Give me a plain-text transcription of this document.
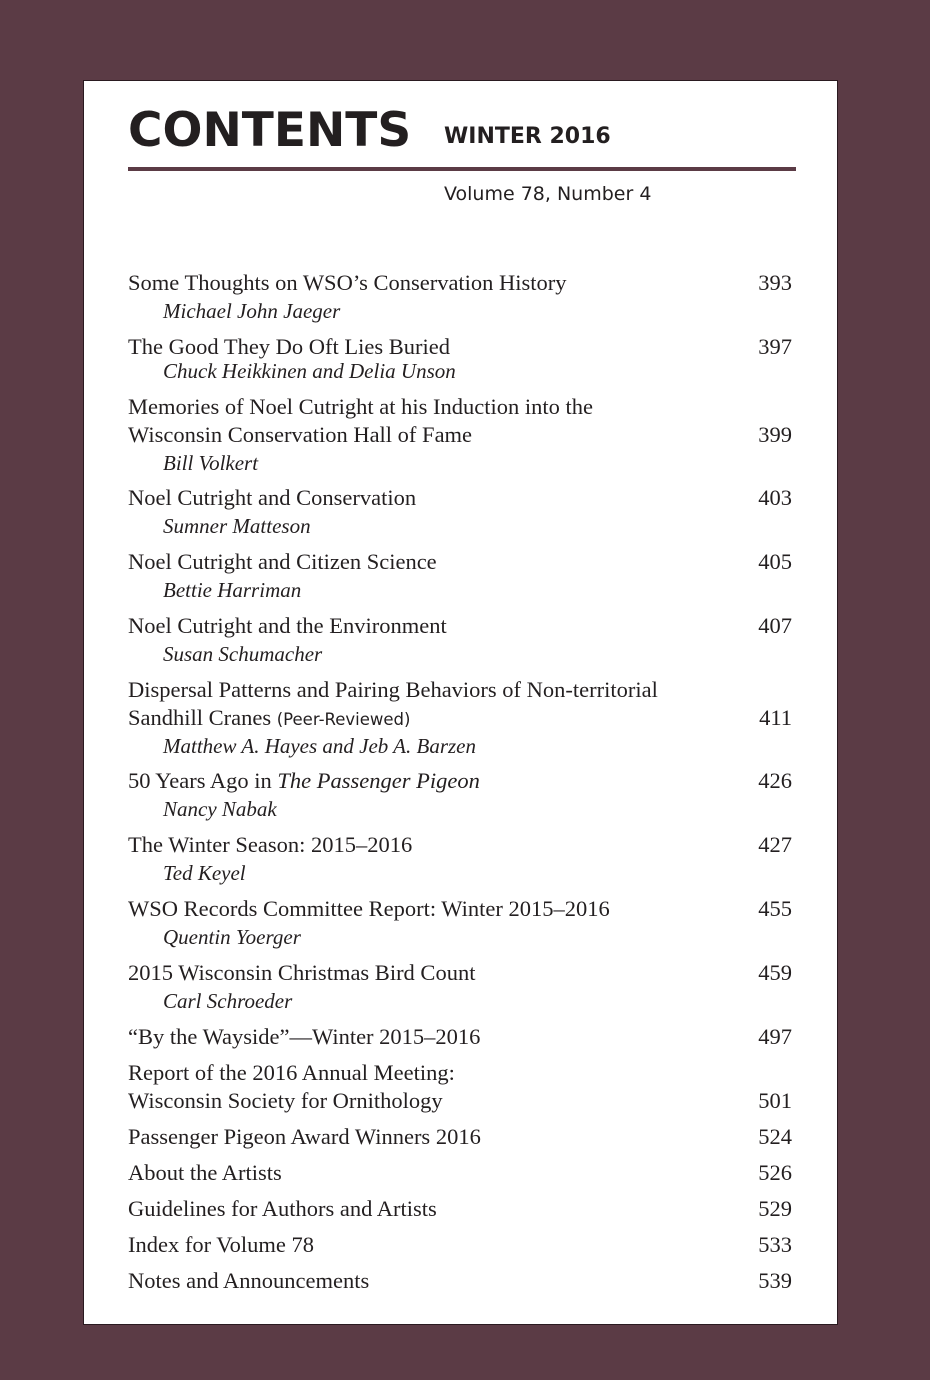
CONTENTS WINTER 2016
Volume 78, Number 4
Some Thoughts on WSO’s Conservation History	393
Michael John Jaeger
The Good They Do Oft Lies Buried	397
Chuck Heikkinen and Delia Unson
Memories of Noel Cutright at his Induction into the
Wisconsin Conservation Hall of Fame	399
Bill Volkert
Noel Cutright and Conservation	403
Sumner Matteson
Noel Cutright and Citizen Science	405
Bettie Harriman
Noel Cutright and the Environment	407
Susan Schumacher
Dispersal Patterns and Pairing Behaviors of Non-territorial
Sandhill Cranes (Peer-Reviewed)	411
Matthew A. Hayes and Jeb A. Barzen
50 Years Ago in The Passenger Pigeon	426
Nancy Nabak
The Winter Season: 2015–2016	427
Ted Keyel
WSO Records Committee Report: Winter 2015–2016	455
Quentin Yoerger
2015 Wisconsin Christmas Bird Count	459
Carl Schroeder
“By the Wayside”—Winter 2015–2016	497
Report of the 2016 Annual Meeting:
Wisconsin Society for Ornithology	501
Passenger Pigeon Award Winners 2016	524
About the Artists	526
Guidelines for Authors and Artists	529
Index for Volume 78	533
Notes and Announcements	539
